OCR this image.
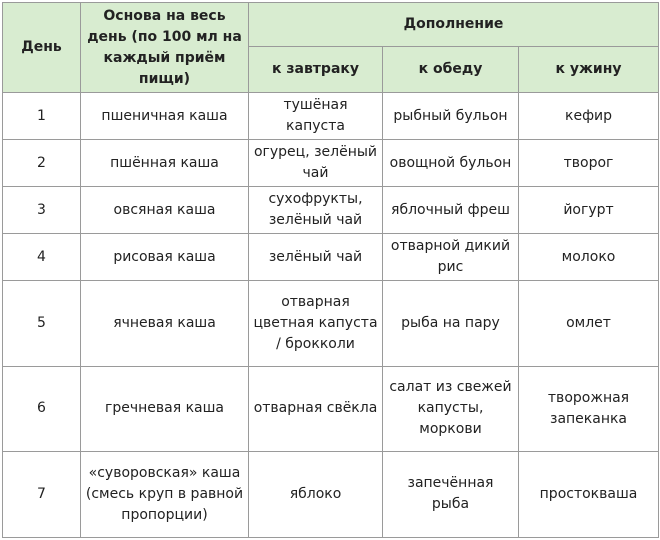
День	Основа на весь день (по 100 мл на каждый приём пищи)	Дополнение		
		к завтраку	к обеду	к ужину
1	пшеничная каша	тушёная капуста	рыбный бульон	кефир
2	пшённая каша	огурец, зелёный чай	овощной бульон	творог
3	овсяная каша	сухофрукты, зелёный чай	яблочный фреш	йогурт
4	рисовая каша	зелёный чай	отварной дикий рис	молоко
5	ячневая каша	отварная цветная капуста / брокколи	рыба на пару	омлет
6	гречневая каша	отварная свёкла	салат из свежей капусты, моркови	творожная запеканка
7	«суворовская» каша (смесь круп в равной пропорции)	яблоко	запечённая рыба	простокваша
